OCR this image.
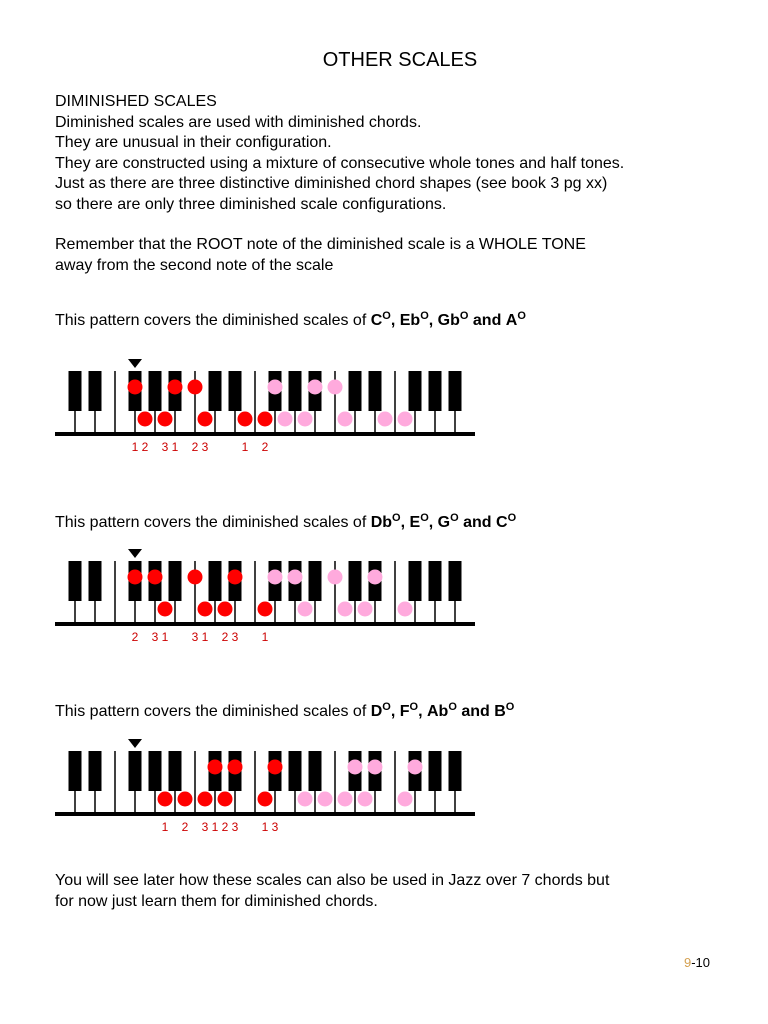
OTHER SCALES
DIMINISHED SCALES
Diminished scales are used with diminished chords.
They are unusual in their configuration.
They are constructed using a mixture of consecutive whole tones and half tones.
Just as there are three distinctive diminished chord shapes (see book 3 pg xx)
so there are only three diminished scale configurations.
Remember that the ROOT note of the diminished scale is a WHOLE TONE
away from the second note of the scale
This pattern covers the diminished scales of $C^O$, $Eb^O$, $Gb^O$ and $A^O$
1 2 3 1 2 3	1 2
This pattern covers the diminished scales of $Db^O$, $E^O$, $G^O$ and $C^O$
2 3 1 3 1 2 3 1
This pattern covers the diminished scales of $D^O$, $F^O$, $Ab^O$ and $B^O$
1 2 3 1 2 3 1 3
You will see later how these scales can also be used in Jazz over 7 chords but
for now just learn them for diminished chords.
9-10
